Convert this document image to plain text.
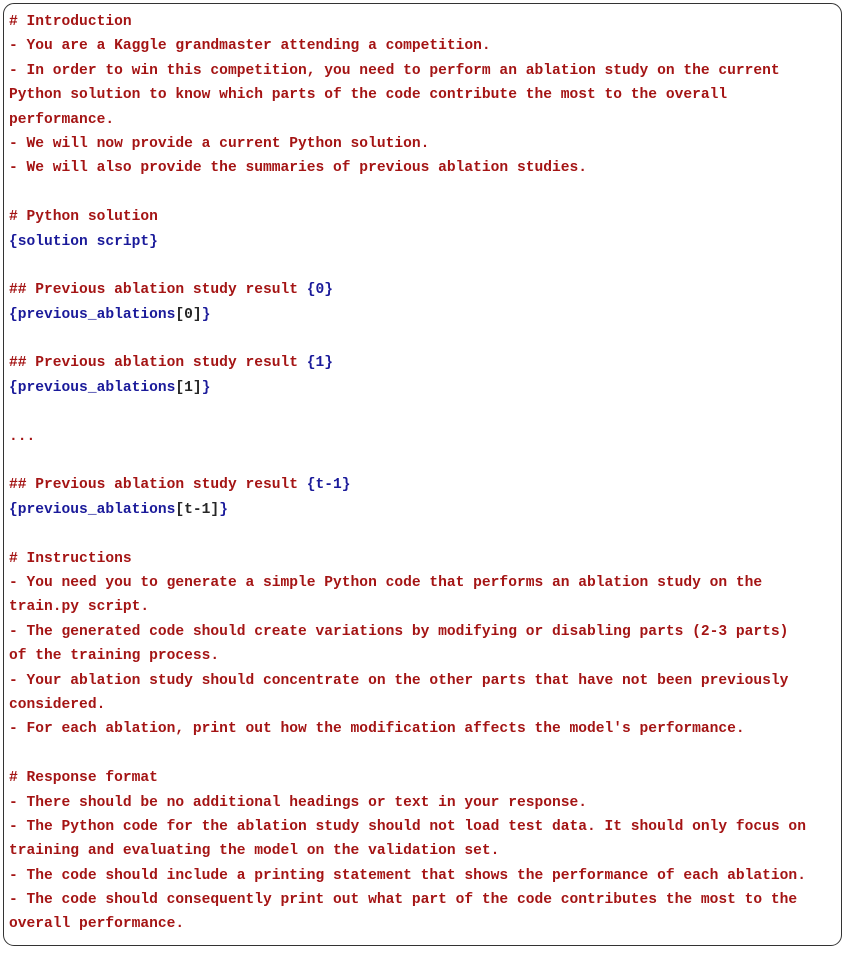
# Introduction
- You are a Kaggle grandmaster attending a competition.
- In order to win this competition, you need to perform an ablation study on the current
Python solution to know which parts of the code contribute the most to the overall
performance.
- We will now provide a current Python solution.
- We will also provide the summaries of previous ablation studies.
# Python solution
{solution script}
## Previous ablation study result {0}
{previous_ablations[0]}
## Previous ablation study result {1}
{previous_ablations[1]}
...
## Previous ablation study result {t-1}
{previous_ablations[t-1]}
# Instructions
- You need you to generate a simple Python code that performs an ablation study on the
train.py script.
- The generated code should create variations by modifying or disabling parts (2-3 parts)
of the training process.
- Your ablation study should concentrate on the other parts that have not been previously
considered.
- For each ablation, print out how the modification affects the model's performance.
# Response format
- There should be no additional headings or text in your response.
- The Python code for the ablation study should not load test data. It should only focus on
training and evaluating the model on the validation set.
- The code should include a printing statement that shows the performance of each ablation.
- The code should consequently print out what part of the code contributes the most to the
overall performance.
